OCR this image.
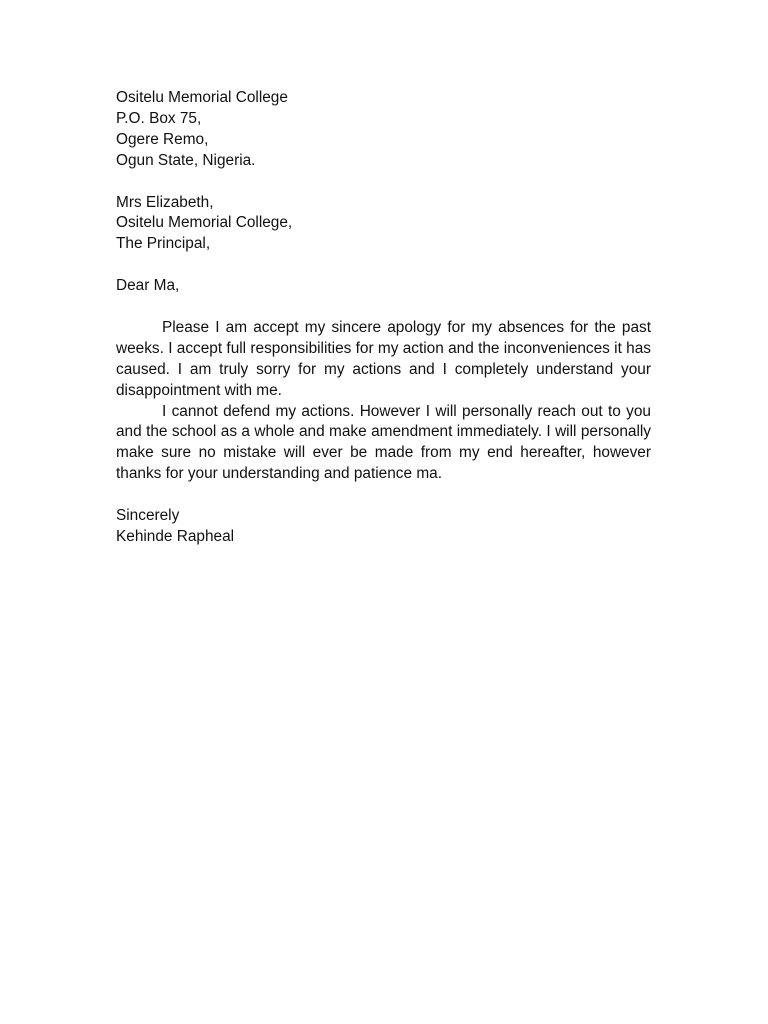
Ositelu Memorial College
P.O. Box 75,
Ogere Remo,
Ogun State, Nigeria.
Mrs Elizabeth,
Ositelu Memorial College,
The Principal,
Dear Ma,

Please I am accept my sincere apology for my absences for the past weeks. I accept full responsibilities for my action and the inconveniences it has caused. I am truly sorry for my actions and I completely understand your disappointment with me.

I cannot defend my actions. However I will personally reach out to you and the school as a whole and make amendment immediately. I will personally make sure no mistake will ever be made from my end hereafter, however thanks for your understanding and patience ma.

Sincerely
Kehinde Rapheal
